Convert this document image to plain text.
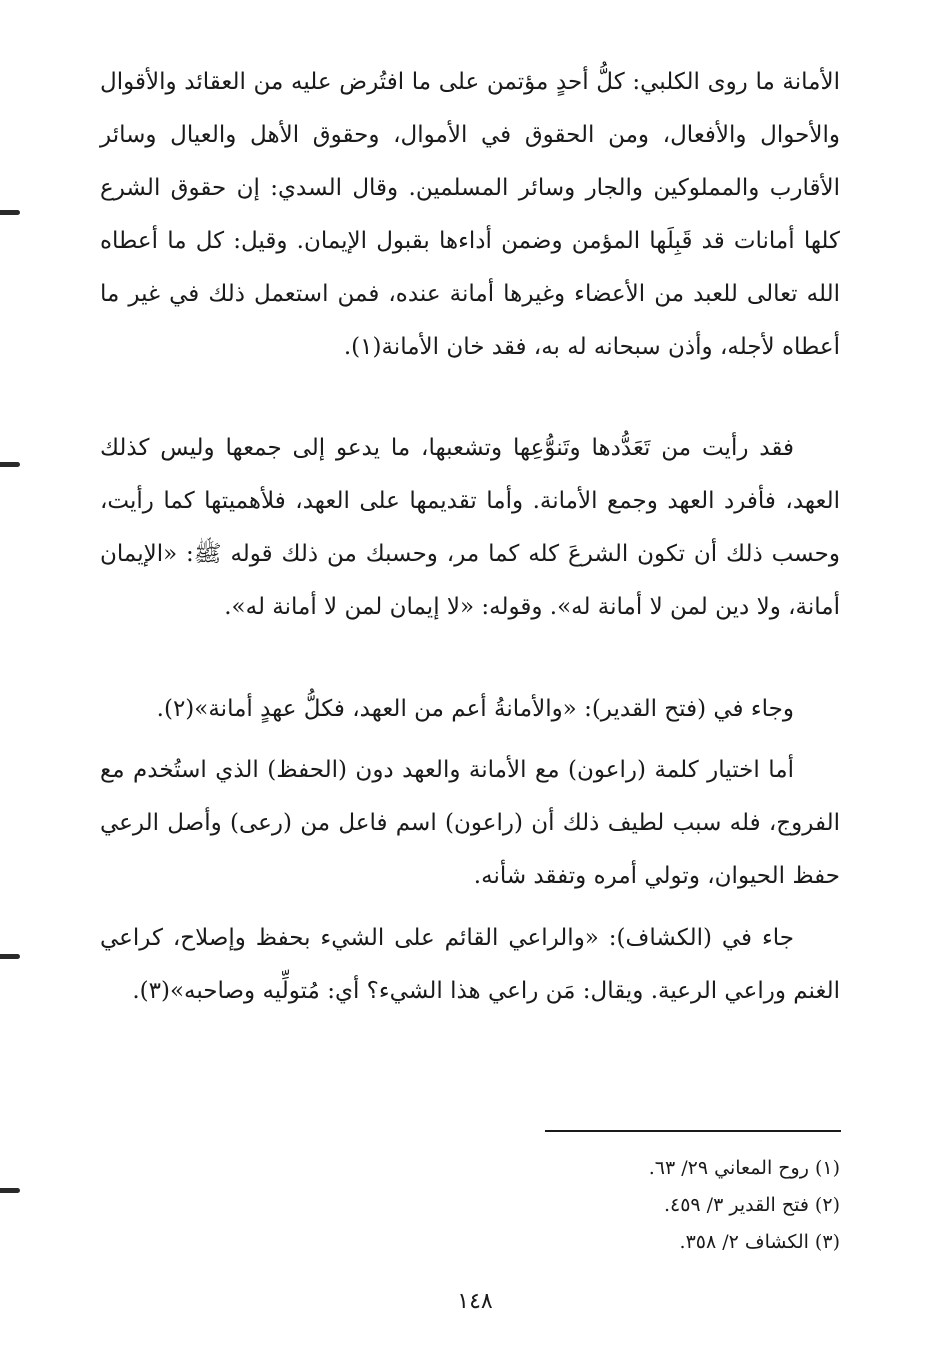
الأمانة ما روى الكلبي: كلُّ أحدٍ مؤتمن على ما افتُرض عليه من العقائد والأقوال والأحوال والأفعال، ومن الحقوق في الأموال، وحقوق الأهل والعيال وسائر الأقارب والمملوكين والجار وسائر المسلمين. وقال السدي: إن حقوق الشرع كلها أمانات قد قَبِلَها المؤمن وضمن أداءها بقبول الإيمان. وقيل: كل ما أعطاه الله تعالى للعبد من الأعضاء وغيرها أمانة عنده، فمن استعمل ذلك في غير ما أعطاه لأجله، وأذن سبحانه له به، فقد خان الأمانة(١).

فقد رأيت من تَعَدُّدها وتَنوُّعِها وتشعبها، ما يدعو إلى جمعها وليس كذلك العهد، فأفرد العهد وجمع الأمانة. وأما تقديمها على العهد، فلأهميتها كما رأيت، وحسب ذلك أن تكون الشرعَ كله كما مر، وحسبك من ذلك قوله ﷺ: «الإيمان أمانة، ولا دين لمن لا أمانة له». وقوله: «لا إيمان لمن لا أمانة له».

وجاء في (فتح القدير): «والأمانةُ أعم من العهد، فكلُّ عهدٍ أمانة»(٢).

أما اختيار كلمة (راعون) مع الأمانة والعهد دون (الحفظ) الذي استُخدم مع الفروج، فله سبب لطيف ذلك أن (راعون) اسم فاعل من (رعى) وأصل الرعي حفظ الحيوان، وتولي أمره وتفقد شأنه.

جاء في (الكشاف): «والراعي القائم على الشيء بحفظ وإصلاح، كراعي الغنم وراعي الرعية. ويقال: مَن راعي هذا الشيء؟ أي: مُتولِّيه وصاحبه»(٣).

(١) روح المعاني ٢٩/ ٦٣.
(٢) فتح القدير ٣/ ٤٥٩.
(٣) الكشاف ٢/ ٣٥٨.
١٤٨
